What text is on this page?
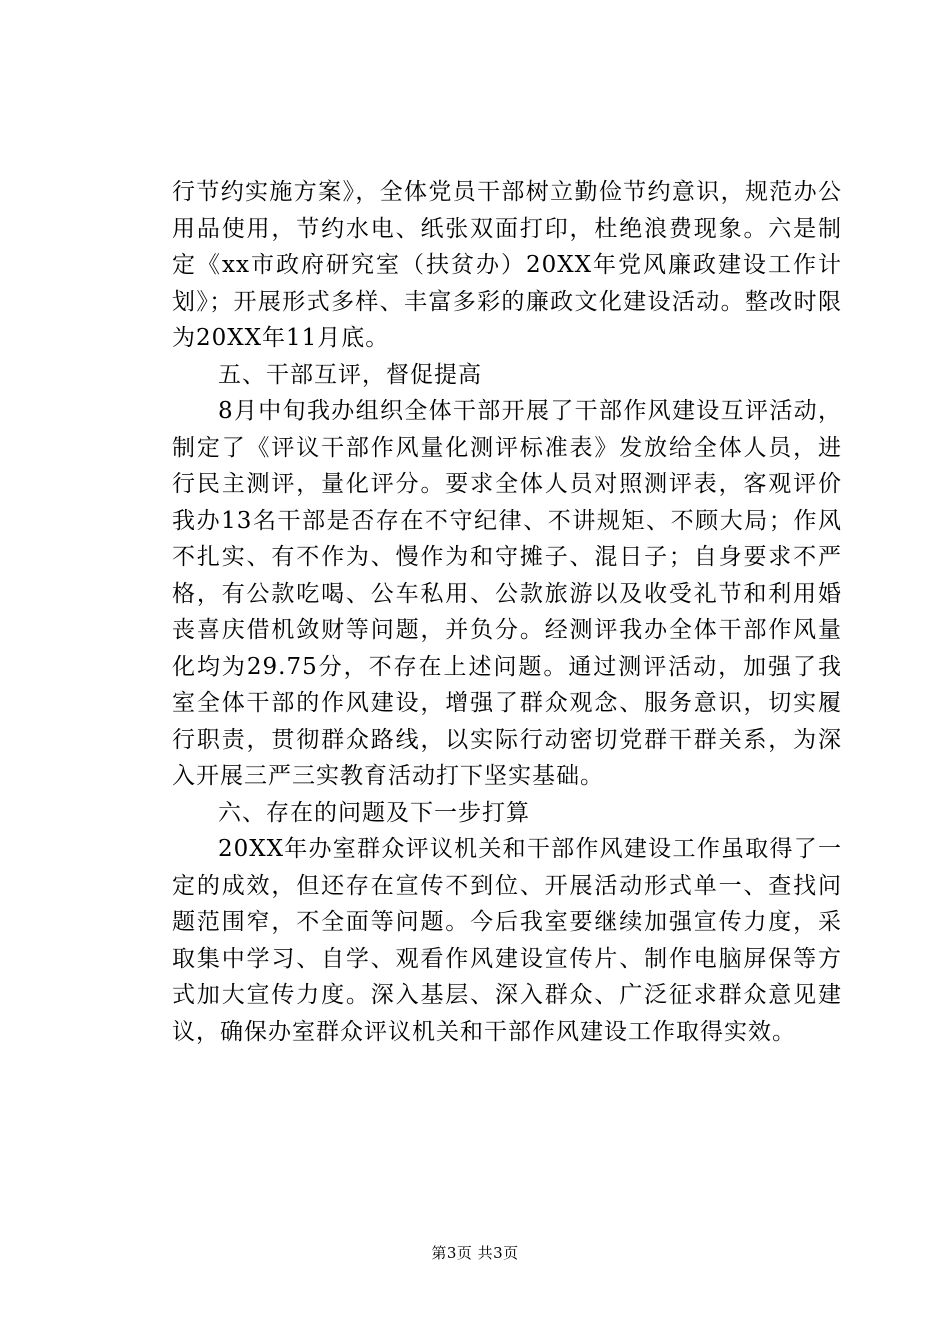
行节约实施方案》，全体党员干部树立勤俭节约意识，规范办公用品使用，节约水电、纸张双面打印，杜绝浪费现象。六是制定《xx市政府研究室（扶贫办）20XX年党风廉政建设工作计划》；开展形式多样、丰富多彩的廉政文化建设活动。整改时限为20XX年11月底。

五、干部互评，督促提高

8月中旬我办组织全体干部开展了干部作风建设互评活动，制定了《评议干部作风量化测评标准表》发放给全体人员，进行民主测评，量化评分。要求全体人员对照测评表，客观评价我办13名干部是否存在不守纪律、不讲规矩、不顾大局；作风不扎实、有不作为、慢作为和守摊子、混日子；自身要求不严格，有公款吃喝、公车私用、公款旅游以及收受礼节和利用婚丧喜庆借机敛财等问题，并负分。经测评我办全体干部作风量化均为29.75分，不存在上述问题。通过测评活动，加强了我室全体干部的作风建设，增强了群众观念、服务意识，切实履行职责，贯彻群众路线，以实际行动密切党群干群关系，为深入开展三严三实教育活动打下坚实基础。

六、存在的问题及下一步打算

20XX年办室群众评议机关和干部作风建设工作虽取得了一定的成效，但还存在宣传不到位、开展活动形式单一、查找问题范围窄，不全面等问题。今后我室要继续加强宣传力度，采取集中学习、自学、观看作风建设宣传片、制作电脑屏保等方式加大宣传力度。深入基层、深入群众、广泛征求群众意见建议，确保办室群众评议机关和干部作风建设工作取得实效。

第3页 共3页
